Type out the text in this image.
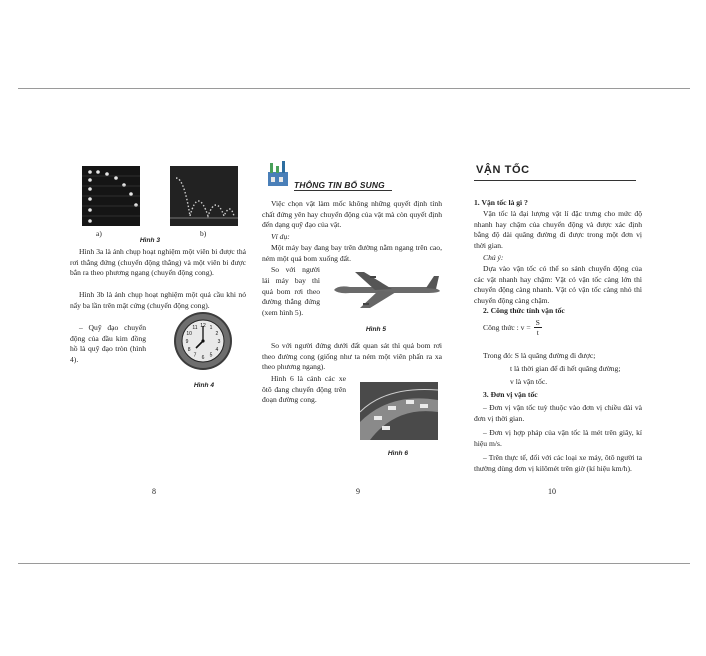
a)	b)
Hình 3

Hình 3a là ảnh chụp hoạt nghiệm một viên bi được thả rơi thẳng đứng (chuyển động thẳng) và một viên bi được bắn ra theo phương ngang (chuyển động cong).

Hình 3b là ảnh chụp hoạt nghiệm một quả cầu khi nó nẩy ba lần trên mặt cứng (chuyển động cong).

– Quỹ đạo chuyển động của đầu kim đồng hồ là quỹ đạo tròn (hình 4).

12 1
2
3
4
5
6
7
8
9
10
11
Hình 4
8
THÔNG TIN BỔ SUNG

Việc chọn vật làm mốc không những quyết định tính chất đứng yên hay chuyển động của vật mà còn quyết định đến dạng quỹ đạo của vật.

Ví dụ:

Một máy bay đang bay trên đường nằm ngang trên cao, ném một quả bom xuống đất.

So với người lái máy bay thì quả bom rơi theo đường thẳng đứng (xem hình 5).

Hình 5

So với người đứng dưới đất quan sát thì quả bom rơi theo đường cong (giống như ta ném một viên phấn ra xa theo phương ngang).

Hình 6 là cảnh các xe ôtô đang chuyển động trên đoạn đường cong.

Hình 6
9
VẬN TỐC

1. Vận tốc là gì ?

Vận tốc là đại lượng vật lí đặc trưng cho mức độ nhanh hay chậm của chuyển động và được xác định bằng độ dài quãng đường đi được trong một đơn vị thời gian.

Chú ý:

Dựa vào vận tốc có thể so sánh chuyển động của các vật nhanh hay chậm: Vật có vận tốc càng lớn thì chuyển động càng nhanh. Vật có vận tốc càng nhỏ thì chuyển động càng chậm.

2. Công thức tính vận tốc

Công thức : $v = \frac{S}{t}$

Trong đó: S là quãng đường đi được;

t là thời gian để đi hết quãng đường;

v là vận tốc.

3. Đơn vị vận tốc

– Đơn vị vận tốc tuỳ thuộc vào đơn vị chiều dài và đơn vị thời gian.

– Đơn vị hợp pháp của vận tốc là mét trên giây, kí hiệu m/s.

– Trên thực tế, đối với các loại xe máy, ôtô người ta thường dùng đơn vị kilômét trên giờ (kí hiệu km/h).

10
